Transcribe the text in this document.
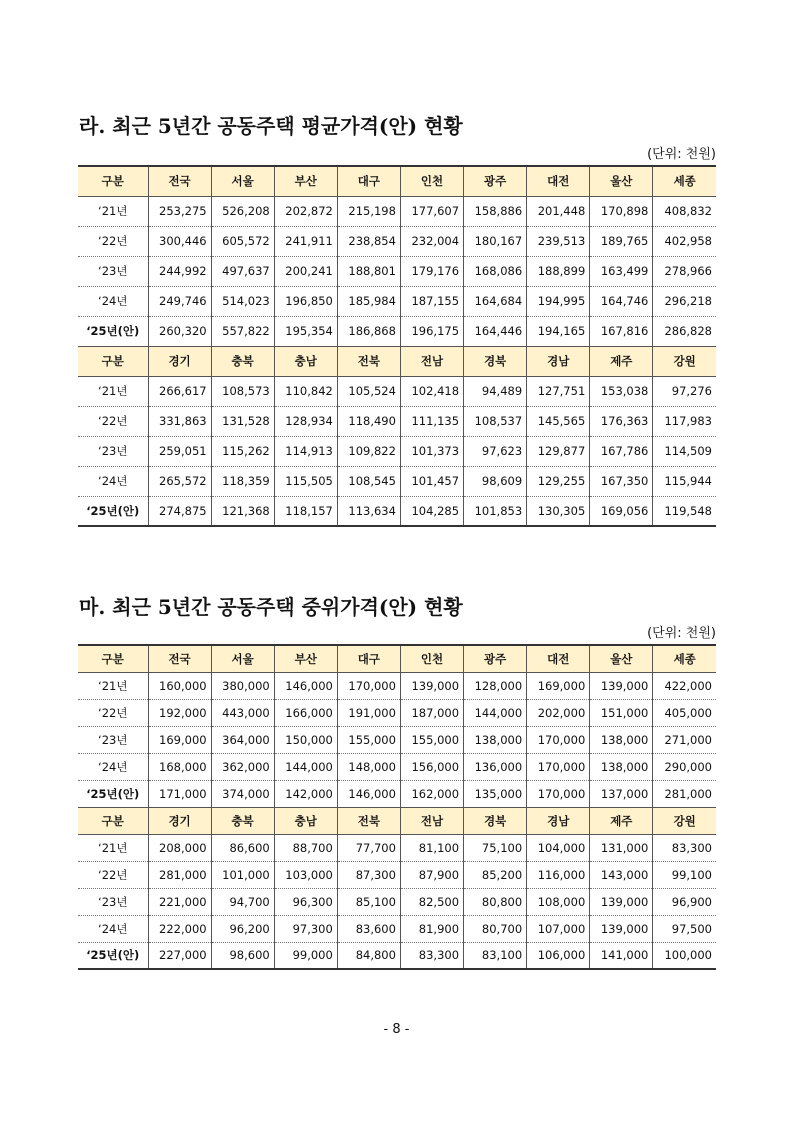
라. 최근 5년간 공동주택 평균가격(안) 현황
(단위: 천원)
구분	전국	서울	부산	대구	인천	광주	대전	울산	세종
‘21년	253,275	526,208	202,872	215,198	177,607	158,886	201,448	170,898	408,832
‘22년	300,446	605,572	241,911	238,854	232,004	180,167	239,513	189,765	402,958
‘23년	244,992	497,637	200,241	188,801	179,176	168,086	188,899	163,499	278,966
‘24년	249,746	514,023	196,850	185,984	187,155	164,684	194,995	164,746	296,218
‘25년(안)	260,320	557,822	195,354	186,868	196,175	164,446	194,165	167,816	286,828
구분	경기	충북	충남	전북	전남	경북	경남	제주	강원
‘21년	266,617	108,573	110,842	105,524	102,418	94,489	127,751	153,038	97,276
‘22년	331,863	131,528	128,934	118,490	111,135	108,537	145,565	176,363	117,983
‘23년	259,051	115,262	114,913	109,822	101,373	97,623	129,877	167,786	114,509
‘24년	265,572	118,359	115,505	108,545	101,457	98,609	129,255	167,350	115,944
‘25년(안)	274,875	121,368	118,157	113,634	104,285	101,853	130,305	169,056	119,548
마. 최근 5년간 공동주택 중위가격(안) 현황
(단위: 천원)
구분	전국	서울	부산	대구	인천	광주	대전	울산	세종
‘21년	160,000	380,000	146,000	170,000	139,000	128,000	169,000	139,000	422,000
‘22년	192,000	443,000	166,000	191,000	187,000	144,000	202,000	151,000	405,000
‘23년	169,000	364,000	150,000	155,000	155,000	138,000	170,000	138,000	271,000
‘24년	168,000	362,000	144,000	148,000	156,000	136,000	170,000	138,000	290,000
‘25년(안)	171,000	374,000	142,000	146,000	162,000	135,000	170,000	137,000	281,000
구분	경기	충북	충남	전북	전남	경북	경남	제주	강원
‘21년	208,000	86,600	88,700	77,700	81,100	75,100	104,000	131,000	83,300
‘22년	281,000	101,000	103,000	87,300	87,900	85,200	116,000	143,000	99,100
‘23년	221,000	94,700	96,300	85,100	82,500	80,800	108,000	139,000	96,900
‘24년	222,000	96,200	97,300	83,600	81,900	80,700	107,000	139,000	97,500
‘25년(안)	227,000	98,600	99,000	84,800	83,300	83,100	106,000	141,000	100,000
- 8 -
